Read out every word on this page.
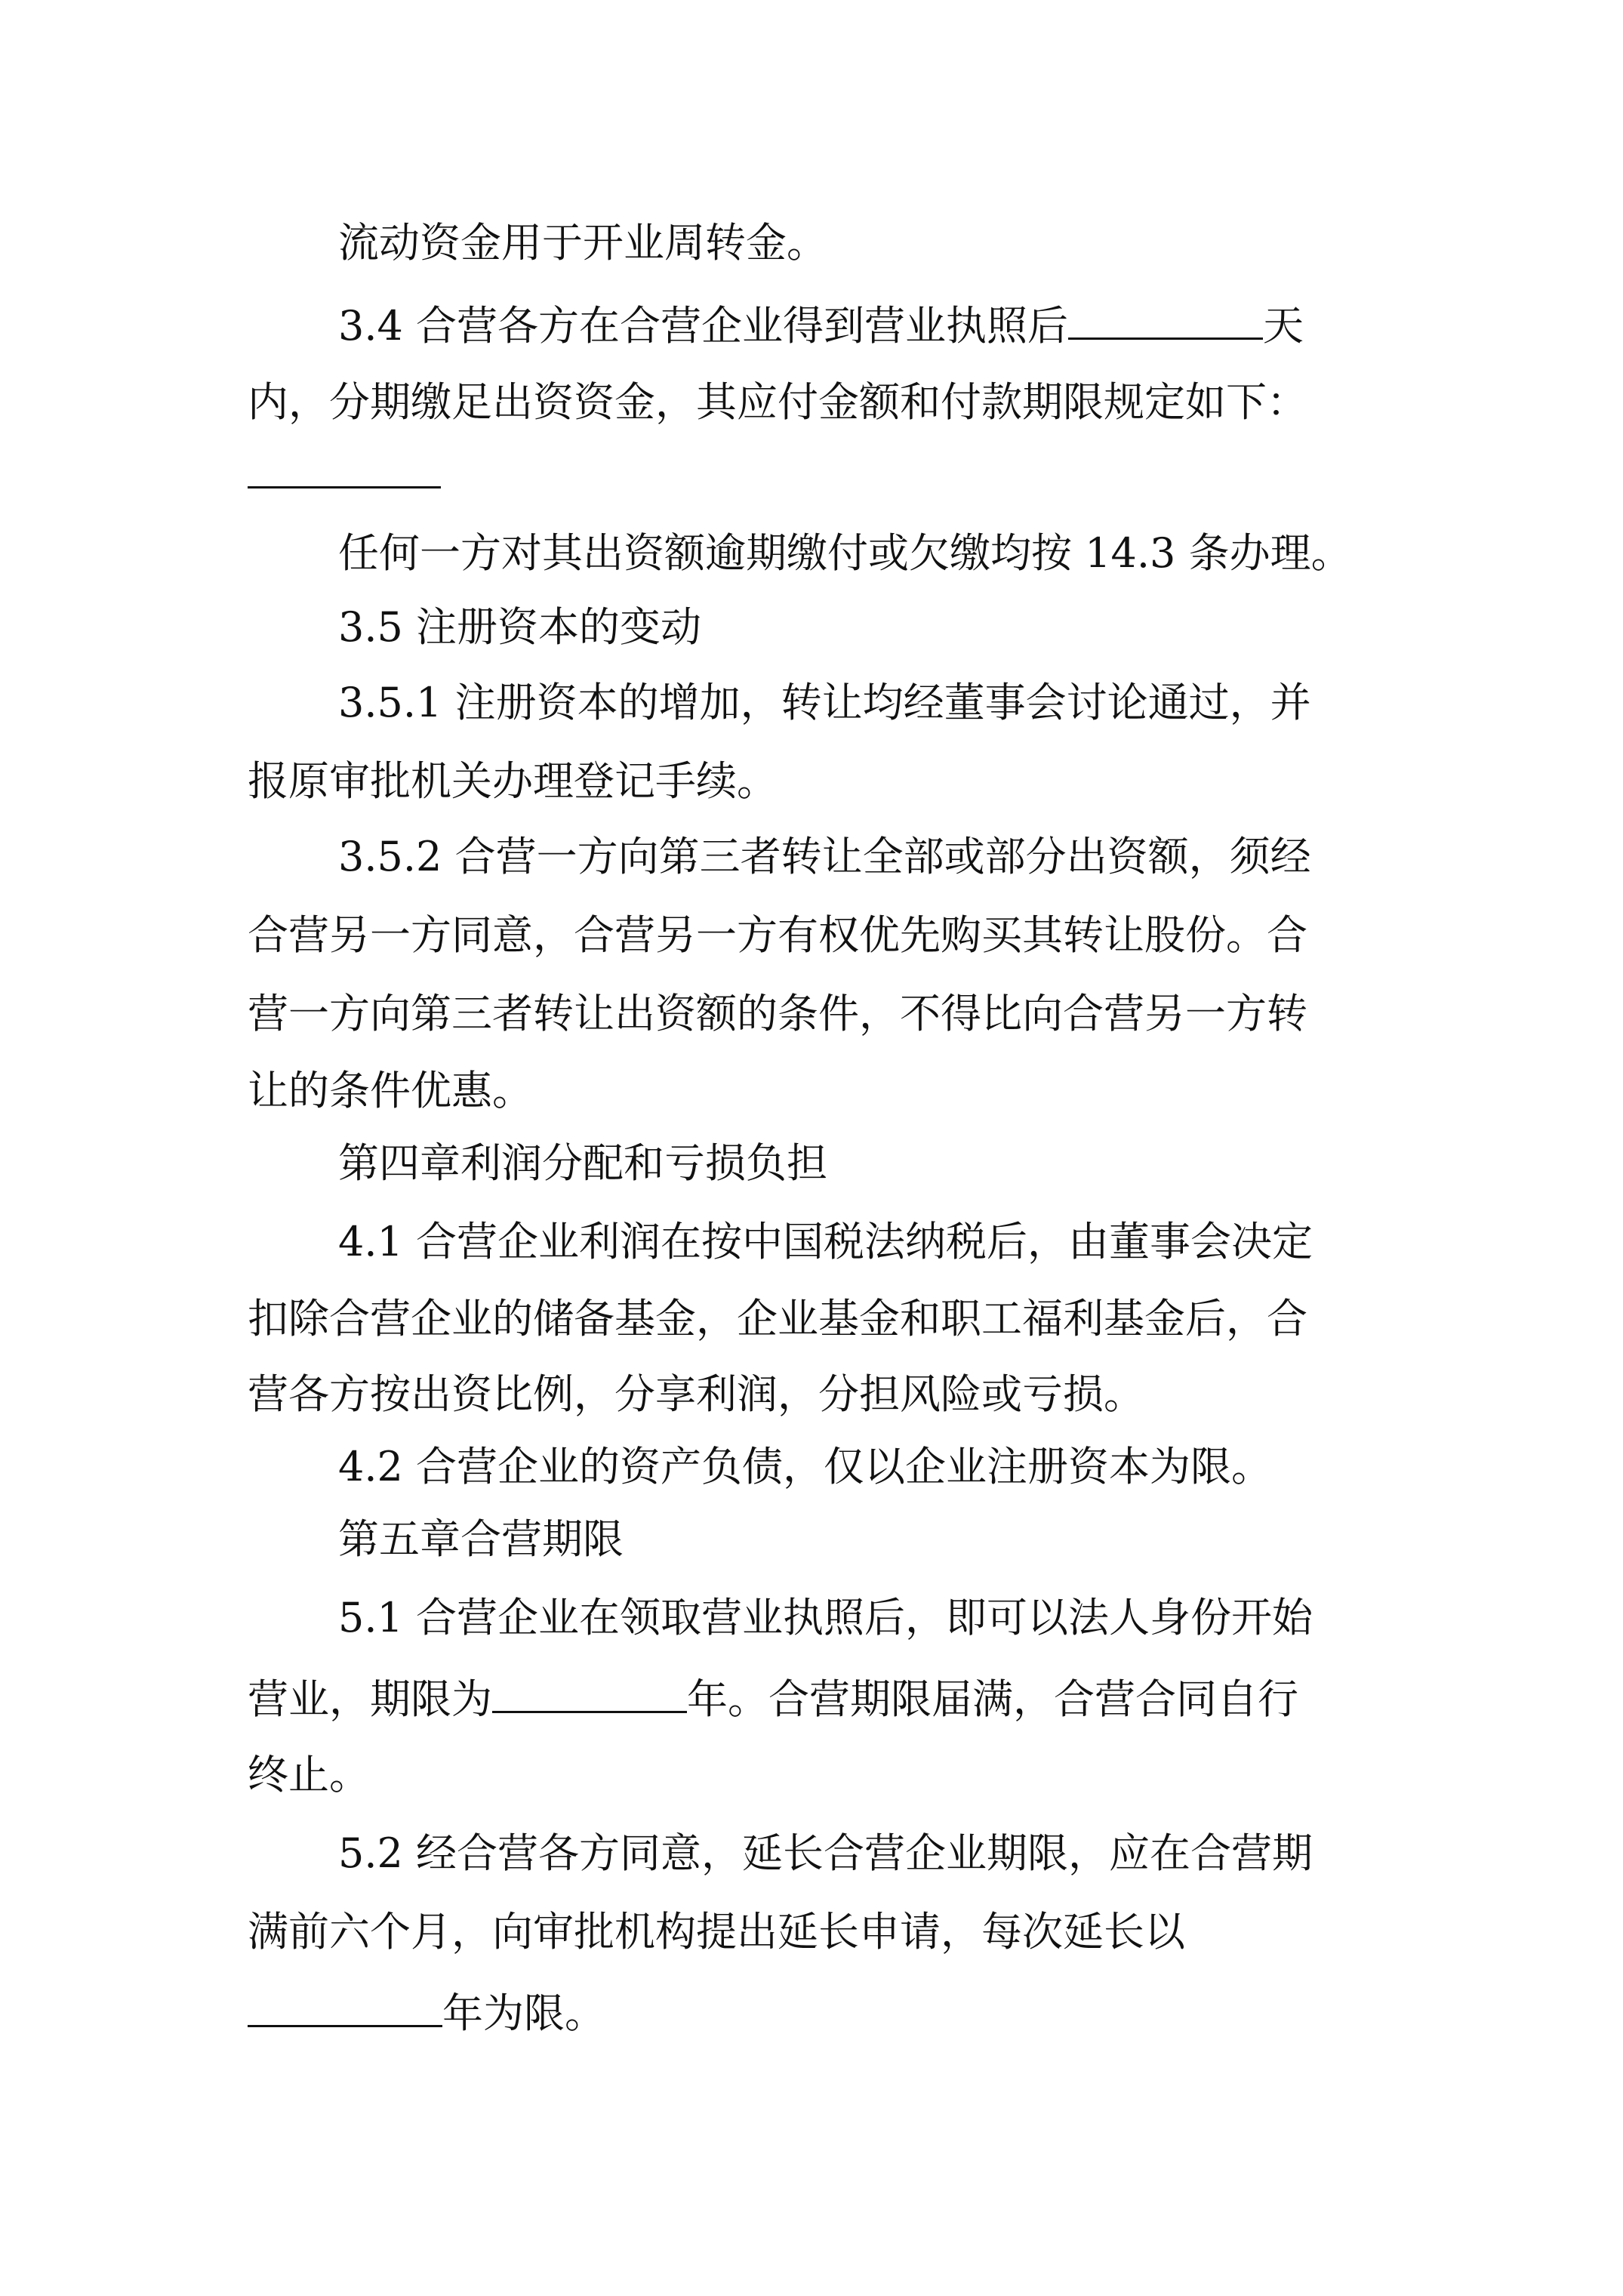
流动资金用于开业周转金。
3.4 合营各方在合营企业得到营业执照后	天
内，分期缴足出资资金，其应付金额和付款期限规定如下：
任何一方对其出资额逾期缴付或欠缴均按 14.3 条办理。
3.5 注册资本的变动
3.5.1 注册资本的增加，转让均经董事会讨论通过，并
报原审批机关办理登记手续。
3.5.2 合营一方向第三者转让全部或部分出资额，须经
合营另一方同意，合营另一方有权优先购买其转让股份。合
营一方向第三者转让出资额的条件，不得比向合营另一方转
让的条件优惠。
第四章利润分配和亏损负担
4.1 合营企业利润在按中国税法纳税后，由董事会决定
扣除合营企业的储备基金，企业基金和职工福利基金后，合
营各方按出资比例，分享利润，分担风险或亏损。
4.2 合营企业的资产负债，仅以企业注册资本为限。
第五章合营期限
5.1 合营企业在领取营业执照后，即可以法人身份开始
营业，期限为	年。合营期限届满，合营合同自行
终止。
5.2 经合营各方同意，延长合营企业期限，应在合营期
满前六个月，向审批机构提出延长申请，每次延长以
年为限。
